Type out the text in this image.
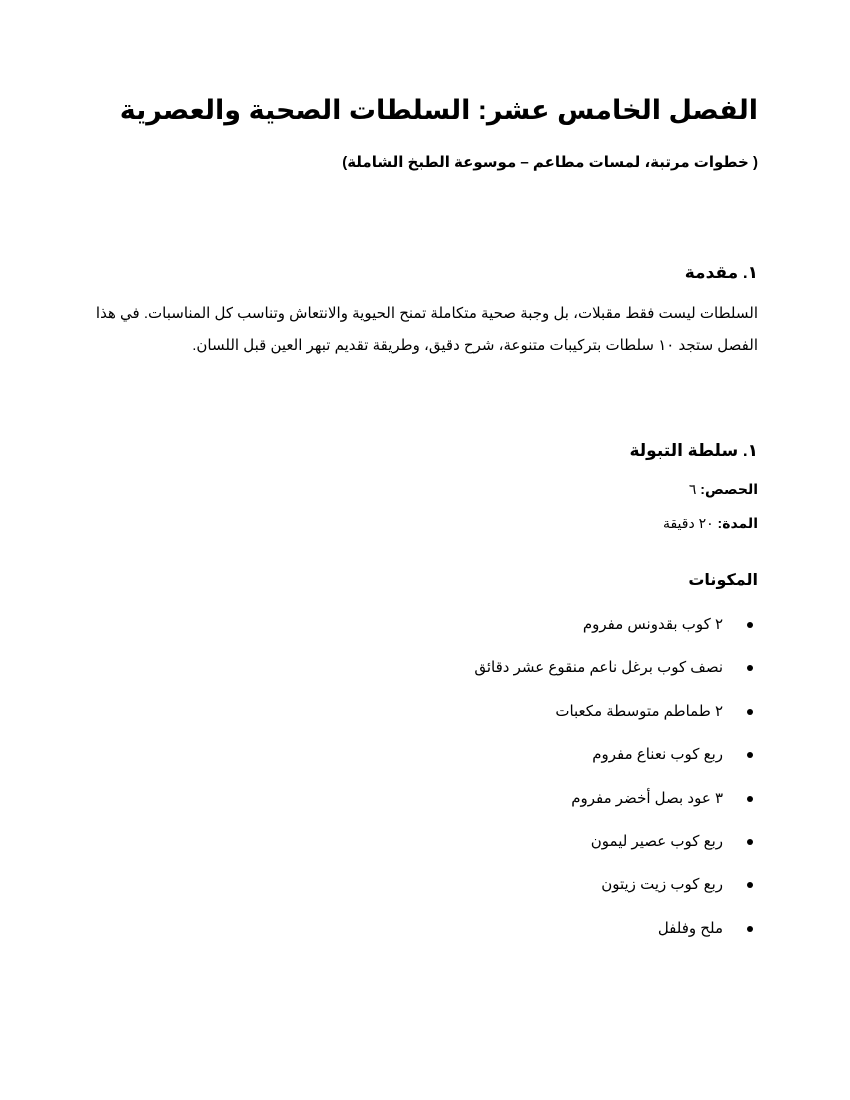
الفصل الخامس عشر: السلطات الصحية والعصرية

( خطوات مرتبة، لمسات مطاعم – موسوعة الطبخ الشاملة)

١. مقدمة

السلطات ليست فقط مقبلات، بل وجبة صحية متكاملة تمنح الحيوية والانتعاش وتناسب كل المناسبات. في هذا الفصل ستجد ١٠ سلطات بتركيبات متنوعة، شرح دقيق، وطريقة تقديم تبهر العين قبل اللسان.

١. سلطة التبولة

الحصص: ٦

المدة: ٢٠ دقيقة

المكونات
٢ كوب بقدونس مفروم
نصف كوب برغل ناعم منقوع عشر دقائق
٢ طماطم متوسطة مكعبات
ربع كوب نعناع مفروم
٣ عود بصل أخضر مفروم
ربع كوب عصير ليمون
ربع كوب زيت زيتون
ملح وفلفل
